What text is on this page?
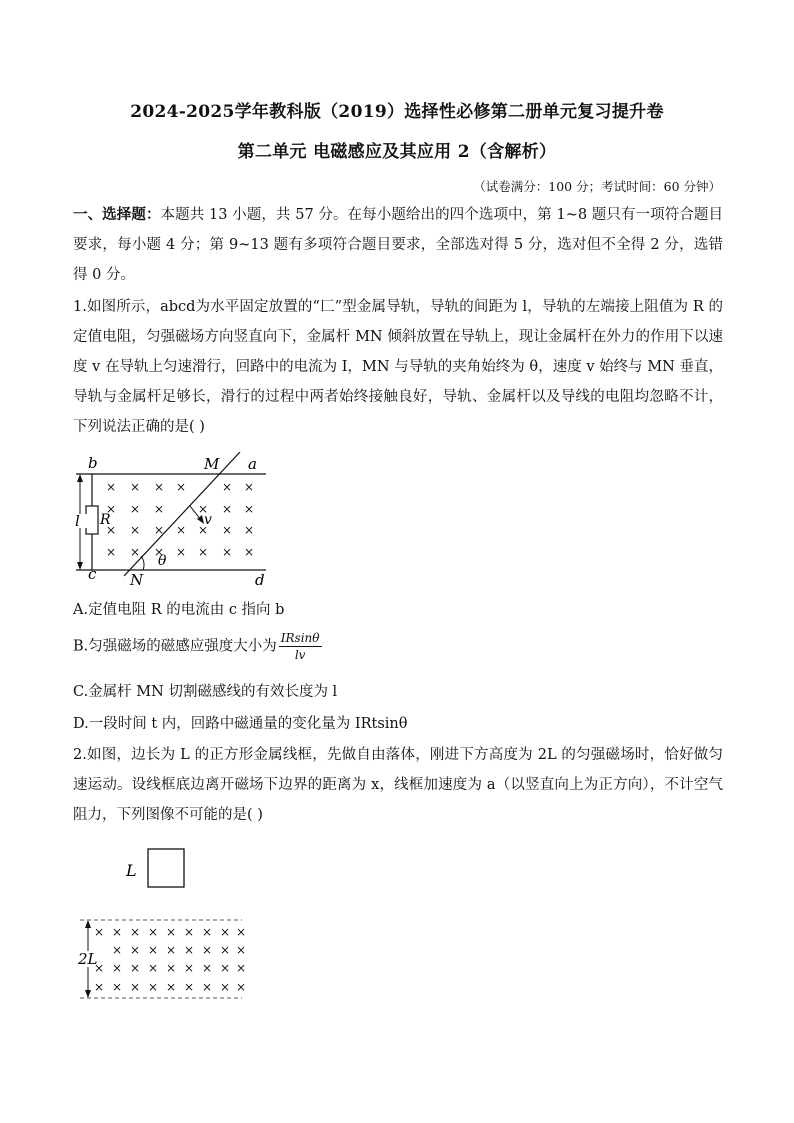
2024-2025学年教科版（2019）选择性必修第二册单元复习提升卷
第二单元 电磁感应及其应用 2（含解析）
（试卷满分：100 分；考试时间：60 分钟）
一、选择题：本题共 13 小题，共 57 分。在每小题给出的四个选项中，第 1~8 题只有一项符合题目要求，每小题 4 分；第 9~13 题有多项符合题目要求，全部选对得 5 分，选对但不全得 2 分，选错得 0 分。
1.如图所示，abcd为水平固定放置的“匚”型金属导轨，导轨的间距为 l，导轨的左端接上阻值为 R 的定值电阻，匀强磁场方向竖直向下，金属杆 MN 倾斜放置在导轨上，现让金属杆在外力的作用下以速度 v 在导轨上匀速滑行，回路中的电流为 I，MN 与导轨的夹角始终为 θ，速度 v 始终与 MN 垂直，导轨与金属杆足够长，滑行的过程中两者始终接触良好，导轨、金属杆以及导线的电阻均忽略不计，下列说法正确的是( )
× × × ×	× ×
× × ×	× × ×
× × × × × × ×
× × × × × × ×
b	M a
c N	d
l R	v
θ
A.定值电阻 R 的电流由 c 指向 b
B.匀强磁场的磁感应强度大小为 $\frac{IRsin\theta}{lv}$
C.金属杆 MN 切割磁感线的有效长度为 l
D.一段时间 t 内，回路中磁通量的变化量为 IRtsinθ
2.如图，边长为 L 的正方形金属线框，先做自由落体，刚进下方高度为 2L 的匀强磁场时，恰好做匀速运动。设线框底边离开磁场下边界的距离为 x，线框加速度为 a（以竖直向上为正方向），不计空气阻力，下列图像不可能的是( )
L
2L
× × × × × × × × ×
× × × × × × × ×
× × × × × × × × ×
× × × × × × × × ×
